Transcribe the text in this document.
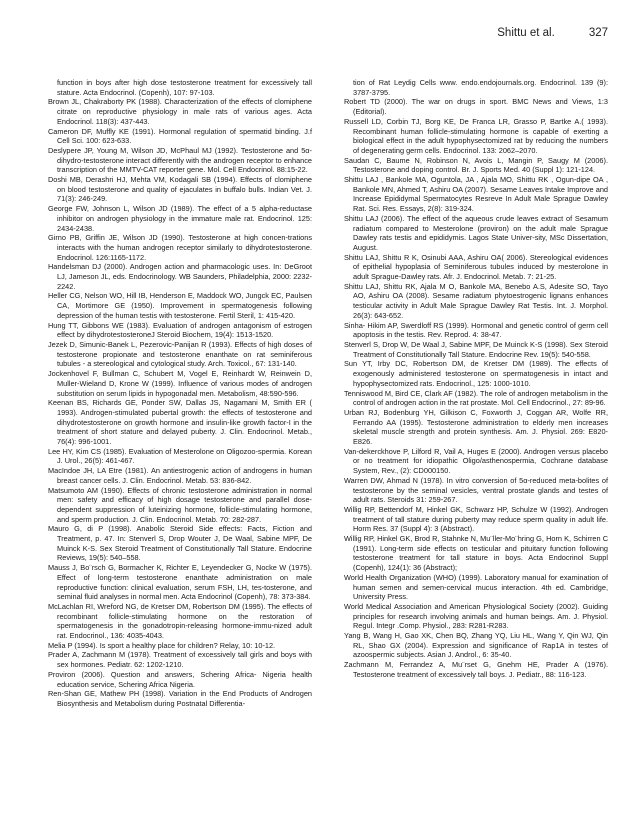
Shittu et al.	327

function in boys after high dose testosterone treatment for excessively tall stature. Acta Endocrinol. (Copenh), 107: 97-103.

Brown JL, Chakraborty PK (1988). Characterization of the effects of clomiphene citrate on reproductive physiology in male rats of various ages. Acta Endocrinol. 118(3): 437-443.

Cameron DF, Muffly KE (1991). Hormonal regulation of spermatid binding. J.f Cell Sci. 100: 623-633.

Deslypere JP, Young M, Wilson JD, McPhaul MJ (1992). Testosterone and 5α-dihydro-testosterone interact differently with the androgen receptor to enhance transcription of the MMTV-CAT reporter gene. Mol. Cell Endocrinol. 88:15-22.

Doshi MB, Derashri HJ, Mehta VM, Kodagali SB (1994). Effects of clomiphene on blood testosterone and quality of ejaculates in buffalo bulls. Indian Vet. J. 71(3): 246-249.

George FW, Johnson L, Wilson JD (1989). The effect of a 5 alpha-reductase inhibitor on androgen physiology in the immature male rat. Endocrinol. 125: 2434-2438.

Girno PB, Griffin JE, Wilson JD (1990). Testosterone at high concen-trations interacts with the human androgen receptor similarly to dihydrotestosterone. Endocrinol. 126:1165-1172.

Handelsman DJ (2000). Androgen action and pharmacologic uses. In: DeGroot LJ, Jameson JL, eds. Endocrinology. WB Saunders, Philadelphia, 2000: 2232-2242.

Heller CG, Nelson WO, Hill IB, Henderson E, Maddock WO, Jungck EC, Paulsen CA, Mortimore GE (1950). Improvement in spermatogenesis following depression of the human testis with testosterone. Fertil Steril, 1: 415-420.

Hung TT, Gibbons WE (1983). Evaluation of androgen antagonism of estrogen effect by dihydrotestosteroneJ Steroid Biochem, 19(4): 1513-1520.

Jezek D, Simunic-Banek L, Pezerovic-Panijan R (1993). Effects of high doses of testosterone propionate and testosterone enanthate on rat seminiferous tubules - a stereological and cytological study. Arch. Toxicol., 67: 131-140.

Jockenhovel F, Bullman C, Schubert M, Vogel E, Reinhardt W, Reinwein D, Muller-Wieland D, Krone W (1999). Influence of various modes of androgen substitution on serum lipids in hypogonadal men. Metabolism, 48:590-596.

Keenan BS, Richards GE, Ponder SW, Dallas JS, Nagamani M, Smith ER ( 1993). Androgen-stimulated pubertal growth: the effects of testosterone and dihydrotestosterone on growth hormone and insulin-like growth factor-I in the treatment of short stature and delayed puberty. J. Clin. Endocrinol. Metab., 76(4): 996-1001.

Lee HY, Kim CS (1985). Evaluation of Mesterolone on Oligozoo-spermia. Korean J. Urol., 26(5): 461-467.

MacIndoe JH, LA Etre (1981). An antiestrogenic action of androgens in human breast cancer cells. J. Clin. Endocrinol. Metab. 53: 836-842.

Matsumoto AM (1990). Effects of chronic testosterone administration in normal men: safety and efficacy of high dosage testosterone and parallel dose-dependent suppression of luteinizing hormone, follicle-stimulating hormone, and sperm production. J. Clin. Endocrinol. Metab. 70: 282-287.

Mauro G, di P (1998). Anabolic Steroid Side effects: Facts, Fiction and Treatment, p. 47. In: Stenverl S, Drop Wouter J, De Waal, Sabine MPF, De Muinck K-S. Sex Steroid Treatment of Constitutionally Tall Stature. Endocrine Reviews, 19(5): 540–558.

Mauss J, Bo¨rsch G, Bormacher K, Richter E, Leyendecker G, Nocke W (1975). Effect of long-term testosterone enanthate administration on male reproductive function: clinical evaluation, serum FSH, LH, tes-tosterone, and seminal fluid analyses in normal men. Acta Endocrinol (Copenh), 78: 373-384.

McLachlan RI, Wreford NG, de Kretser DM, Robertson DM (1995). The effects of recombinant follicle-stimulating hormone on the restoration of spermatogenesis in the gonadotropin-releasing hormone-immu-nized adult rat. Endocrinol., 136: 4035-4043.

Melia P (1994). Is sport a healthy place for children? Relay, 10: 10-12.

Prader A, Zachmann M (1978). Treatment of excessively tall girls and boys with sex hormones. Pediatr. 62: 1202-1210.

Proviron (2006). Question and answers, Schering Africa- Nigeria health education service, Schering Africa Nigeria.

Ren-Shan GE, Mathew PH (1998). Variation in the End Products of Androgen Biosynthesis and Metabolism during Postnatal Differentia-

tion of Rat Leydig Cells www. endo.endojournals.org. Endocrinol. 139 (9): 3787-3795.

Robert TD (2000). The war on drugs in sport. BMC News and Views, 1:3 (Editorial).

Russell LD, Corbin TJ, Borg KE, De Franca LR, Grasso P, Bartke A.( 1993). Recombinant human follicle-stimulating hormone is capable of exerting a biological effect in the adult hypophysectomized rat by reducing the numbers of degenerating germ cells. Endocrinol. 133: 2062–2070.

Saudan C, Baume N, Robinson N, Avois L, Mangin P, Saugy M (2006). Testosterone and doping control. Br. J. Sports Med. 40 (Suppl 1): 121-124.

Shittu LAJ , Bankole MA, Oguntola, JA , Ajala MO, Shittu RK , Ogun-dipe OA , Bankole MN, Ahmed T, Ashiru OA (2007). Sesame Leaves Intake Improve and Increase Epididymal Spermatocytes Resreve In Adult Male Sprague Dawley Rat. Sci. Res. Essays, 2(8): 319-324.

Shittu LAJ (2006). The effect of the aqueous crude leaves extract of Sesamum radiatum compared to Mesterolone (proviron) on the adult male Sprague Dawley rats testis and epididymis. Lagos State Univer-sity, MSc Dissertation, August.

Shittu LAJ, Shittu R K, Osinubi AAA, Ashiru OA( 2006). Stereological evidences of epithelial hypoplasia of Seminiferous tubules induced by mesterolone in adult Sprague-Dawley rats. Afr. J. Endocrinol. Metab. 7: 21-25.

Shittu LAJ, Shittu RK, Ajala M O, Bankole MA, Benebo A.S, Adesite SO, Tayo AO, Ashiru OA (2008). Sesame radiatum phytoestrogenic lignans enhances testicular activity in Adult Male Sprague Dawley Rat Testis. Int. J. Morphol. 26(3): 643-652.

Sinha- Hikim AP, Swerdloff RS (1999). Hormonal and genetic control of germ cell apoptosis in the testis. Rev. Reprod. 4: 38-47.

Stenverl S, Drop W, De Waal J, Sabine MPF, De Muinck K-S (1998). Sex Steroid Treatment of Constitutionally Tall Stature. Endocrine Rev. 19(5): 540-558.

Sun YT, Irby DC, Robertson DM, de Kretser DM (1989). The effects of exogenously administered testosterone on spermatogenesis in intact and hypophysectomized rats. Endocrinol., 125: 1000-1010.

Tenniswood M, Bird CE, Clark AF (1982). The role of androgen metabolism in the control of androgen action in the rat prostate. Mol. Cell Endocrinol., 27: 89-96.

Urban RJ, Bodenburg YH, Gilkison C, Foxworth J, Coggan AR, Wolfe RR, Ferrando AA (1995). Testosterone administration to elderly men increases skeletal muscle strength and protein synthesis. Am. J. Physiol. 269: E820-E826.

Van-dekerckhove P, Lilford R, Vail A, Huges E (2000). Androgen versus placebo or no treatment for idiopathic Oligo/asthenospermia, Cochrane database System, Rev., (2): CD000150.

Warren DW, Ahmad N (1978). In vitro conversion of 5α-reduced meta-bolites of testosterone by the seminal vesicles, ventral prostate glands and testes of adult rats. Steroids 31: 259-267.

Willig RP, Bettendorf M, Hinkel GK, Schwarz HP, Schulze W (1992). Androgen treatment of tall stature during puberty may reduce sperm quality in adult life. Horm Res. 37 (Suppl 4): 3 (Abstract).

Willig RP, Hinkel GK, Brod R, Stahnke N, Mu¨ller-Mo¨hring G, Horn K, Schirren C (1991). Long-term side effects on testicular and pituitary function following testosterone treatment for tall stature in boys. Acta Endocrinol Suppl (Copenh), 124(1): 36 (Abstract);

World Health Organization (WHO) (1999). Laboratory manual for examination of human semen and semen-cervical mucus interaction. 4th ed. Cambridge, University Press.

World Medical Association and American Physiological Society (2002). Guiding principles for research involving animals and human beings. Am. J. Physiol. Regul. Integr .Comp. Physiol., 283: R281-R283.

Yang B, Wang H, Gao XK, Chen BQ, Zhang YQ, Liu HL, Wang Y, Qin WJ, Qin RL, Shao GX (2004). Expression and significance of Rap1A in testes of azoospermic subjects. Asian J. Androl., 6: 35-40.

Zachmann M, Ferrandez A, Mu¨rset G, Gnehm HE, Prader A (1976). Testosterone treatment of excessively tall boys. J. Pediatr., 88: 116-123.
